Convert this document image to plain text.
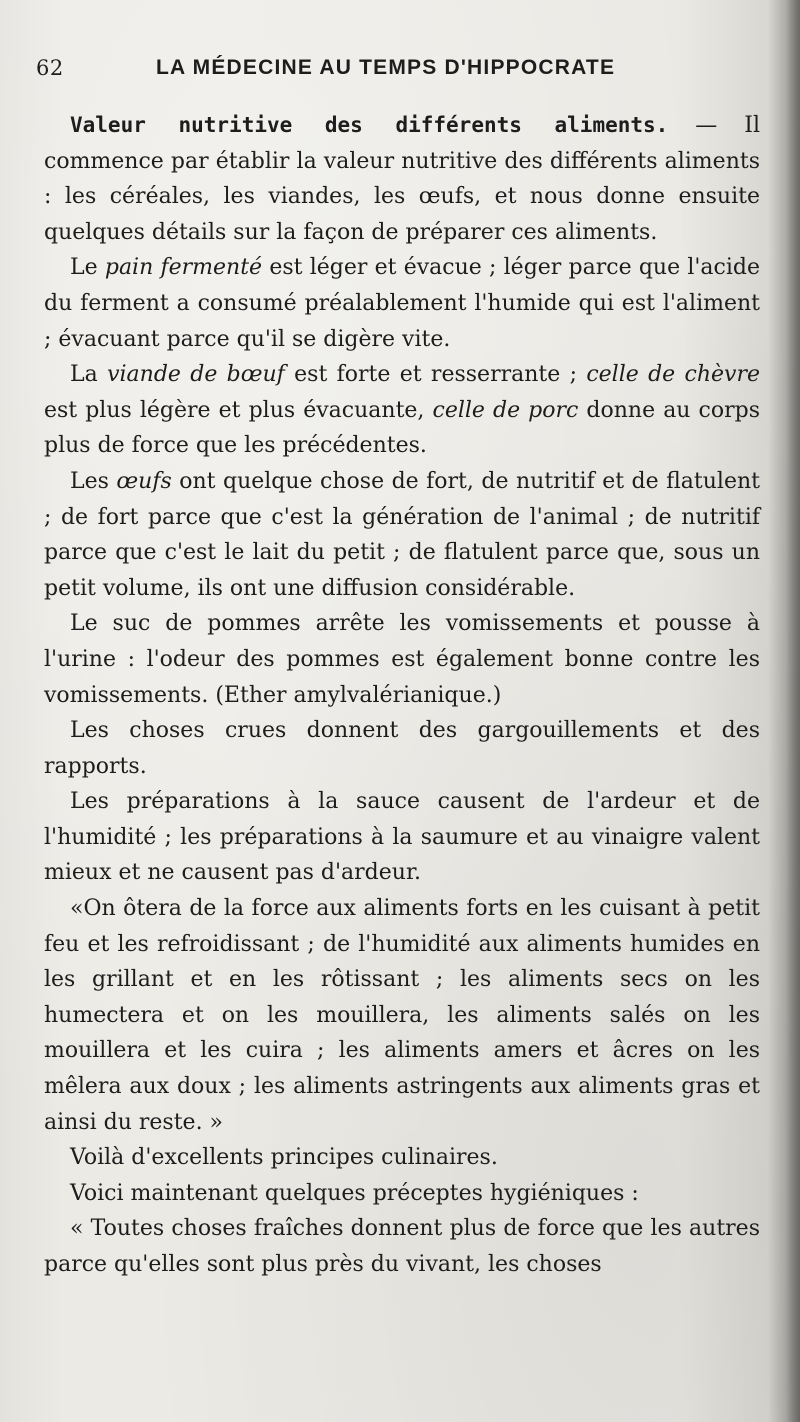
62	LA MÉDECINE AU TEMPS D'HIPPOCRATE

Valeur nutritive des différents aliments. — Il commence par établir la valeur nutritive des différents aliments : les céréales, les viandes, les œufs, et nous donne ensuite quelques détails sur la façon de préparer ces aliments.

Le pain fermenté est léger et évacue ; léger parce que l'acide du ferment a consumé préalablement l'humide qui est l'aliment ; évacuant parce qu'il se digère vite.

La viande de bœuf est forte et resserrante ; celle de chèvre est plus légère et plus évacuante, celle de porc donne au corps plus de force que les précédentes.

Les œufs ont quelque chose de fort, de nutritif et de flatulent ; de fort parce que c'est la génération de l'animal ; de nutritif parce que c'est le lait du petit ; de flatulent parce que, sous un petit volume, ils ont une diffusion considérable.

Le suc de pommes arrête les vomissements et pousse à l'urine : l'odeur des pommes est également bonne contre les vomissements. (Ether amylvalérianique.)

Les choses crues donnent des gargouillements et des rapports.

Les préparations à la sauce causent de l'ardeur et de l'humidité ; les préparations à la saumure et au vinaigre valent mieux et ne causent pas d'ardeur.

«On ôtera de la force aux aliments forts en les cuisant à petit feu et les refroidissant ; de l'humidité aux aliments humides en les grillant et en les rôtissant ; les aliments secs on les humectera et on les mouillera, les aliments salés on les mouillera et les cuira ; les aliments amers et âcres on les mêlera aux doux ; les aliments astringents aux aliments gras et ainsi du reste. »

Voilà d'excellents principes culinaires.

Voici maintenant quelques préceptes hygiéniques :

« Toutes choses fraîches donnent plus de force que les autres parce qu'elles sont plus près du vivant, les choses
